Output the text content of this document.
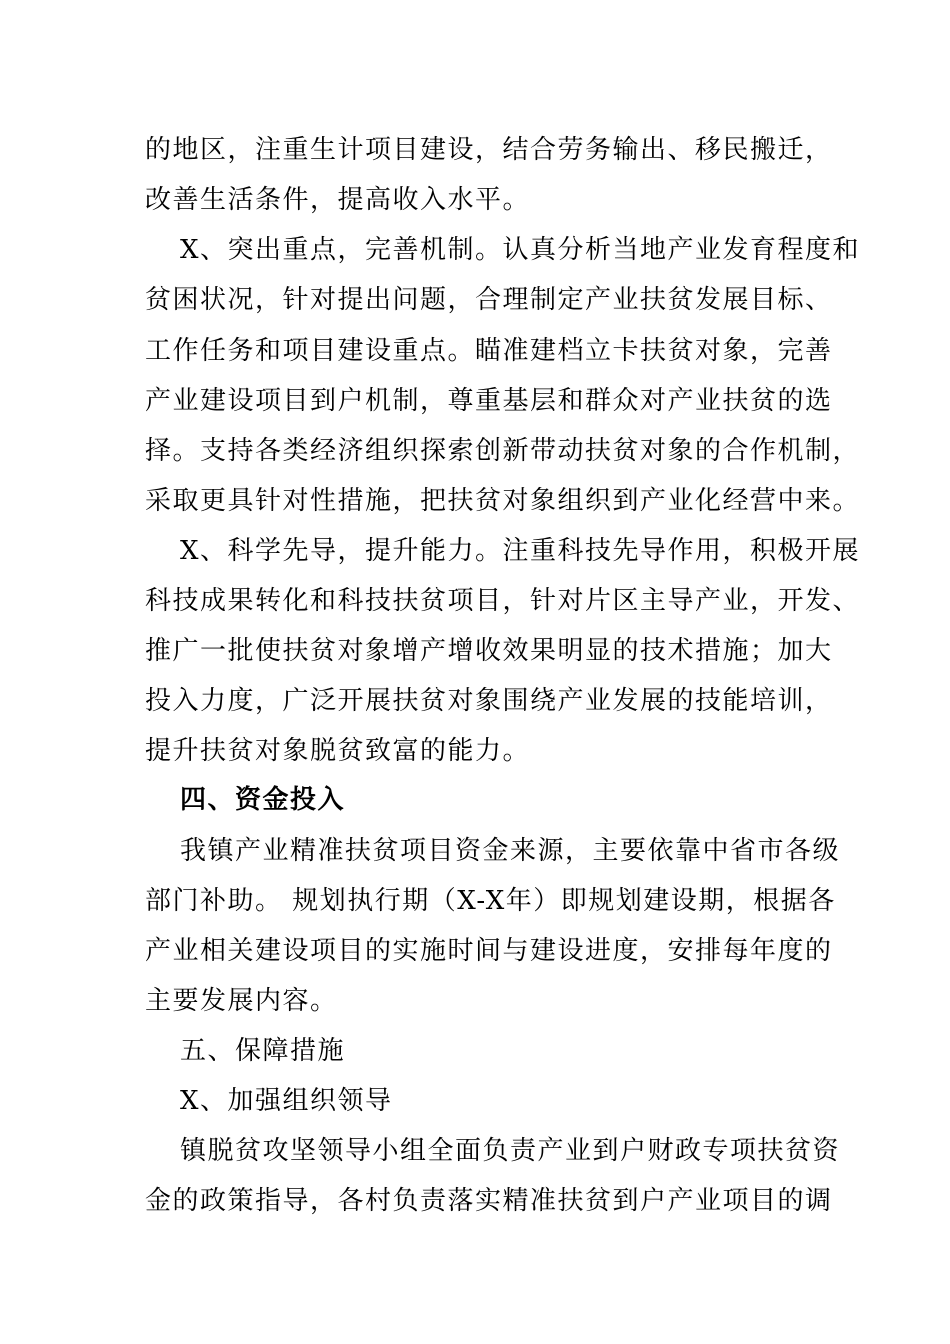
的地区，注重生计项目建设，结合劳务输出、移民搬迁，
改善生活条件，提高收入水平。
X、突出重点，完善机制。认真分析当地产业发育程度和
贫困状况，针对提出问题，合理制定产业扶贫发展目标、
工作任务和项目建设重点。瞄准建档立卡扶贫对象，完善
产业建设项目到户机制，尊重基层和群众对产业扶贫的选
择。支持各类经济组织探索创新带动扶贫对象的合作机制，
采取更具针对性措施，把扶贫对象组织到产业化经营中来。
X、科学先导，提升能力。注重科技先导作用，积极开展
科技成果转化和科技扶贫项目，针对片区主导产业，开发、
推广一批使扶贫对象增产增收效果明显的技术措施；加大
投入力度，广泛开展扶贫对象围绕产业发展的技能培训，
提升扶贫对象脱贫致富的能力。
四、资金投入
我镇产业精准扶贫项目资金来源，主要依靠中省市各级
部门补助。 规划执行期（X-X年）即规划建设期，根据各
产业相关建设项目的实施时间与建设进度，安排每年度的
主要发展内容。
五、保障措施
X、加强组织领导
镇脱贫攻坚领导小组全面负责产业到户财政专项扶贫资
金的政策指导，各村负责落实精准扶贫到户产业项目的调
